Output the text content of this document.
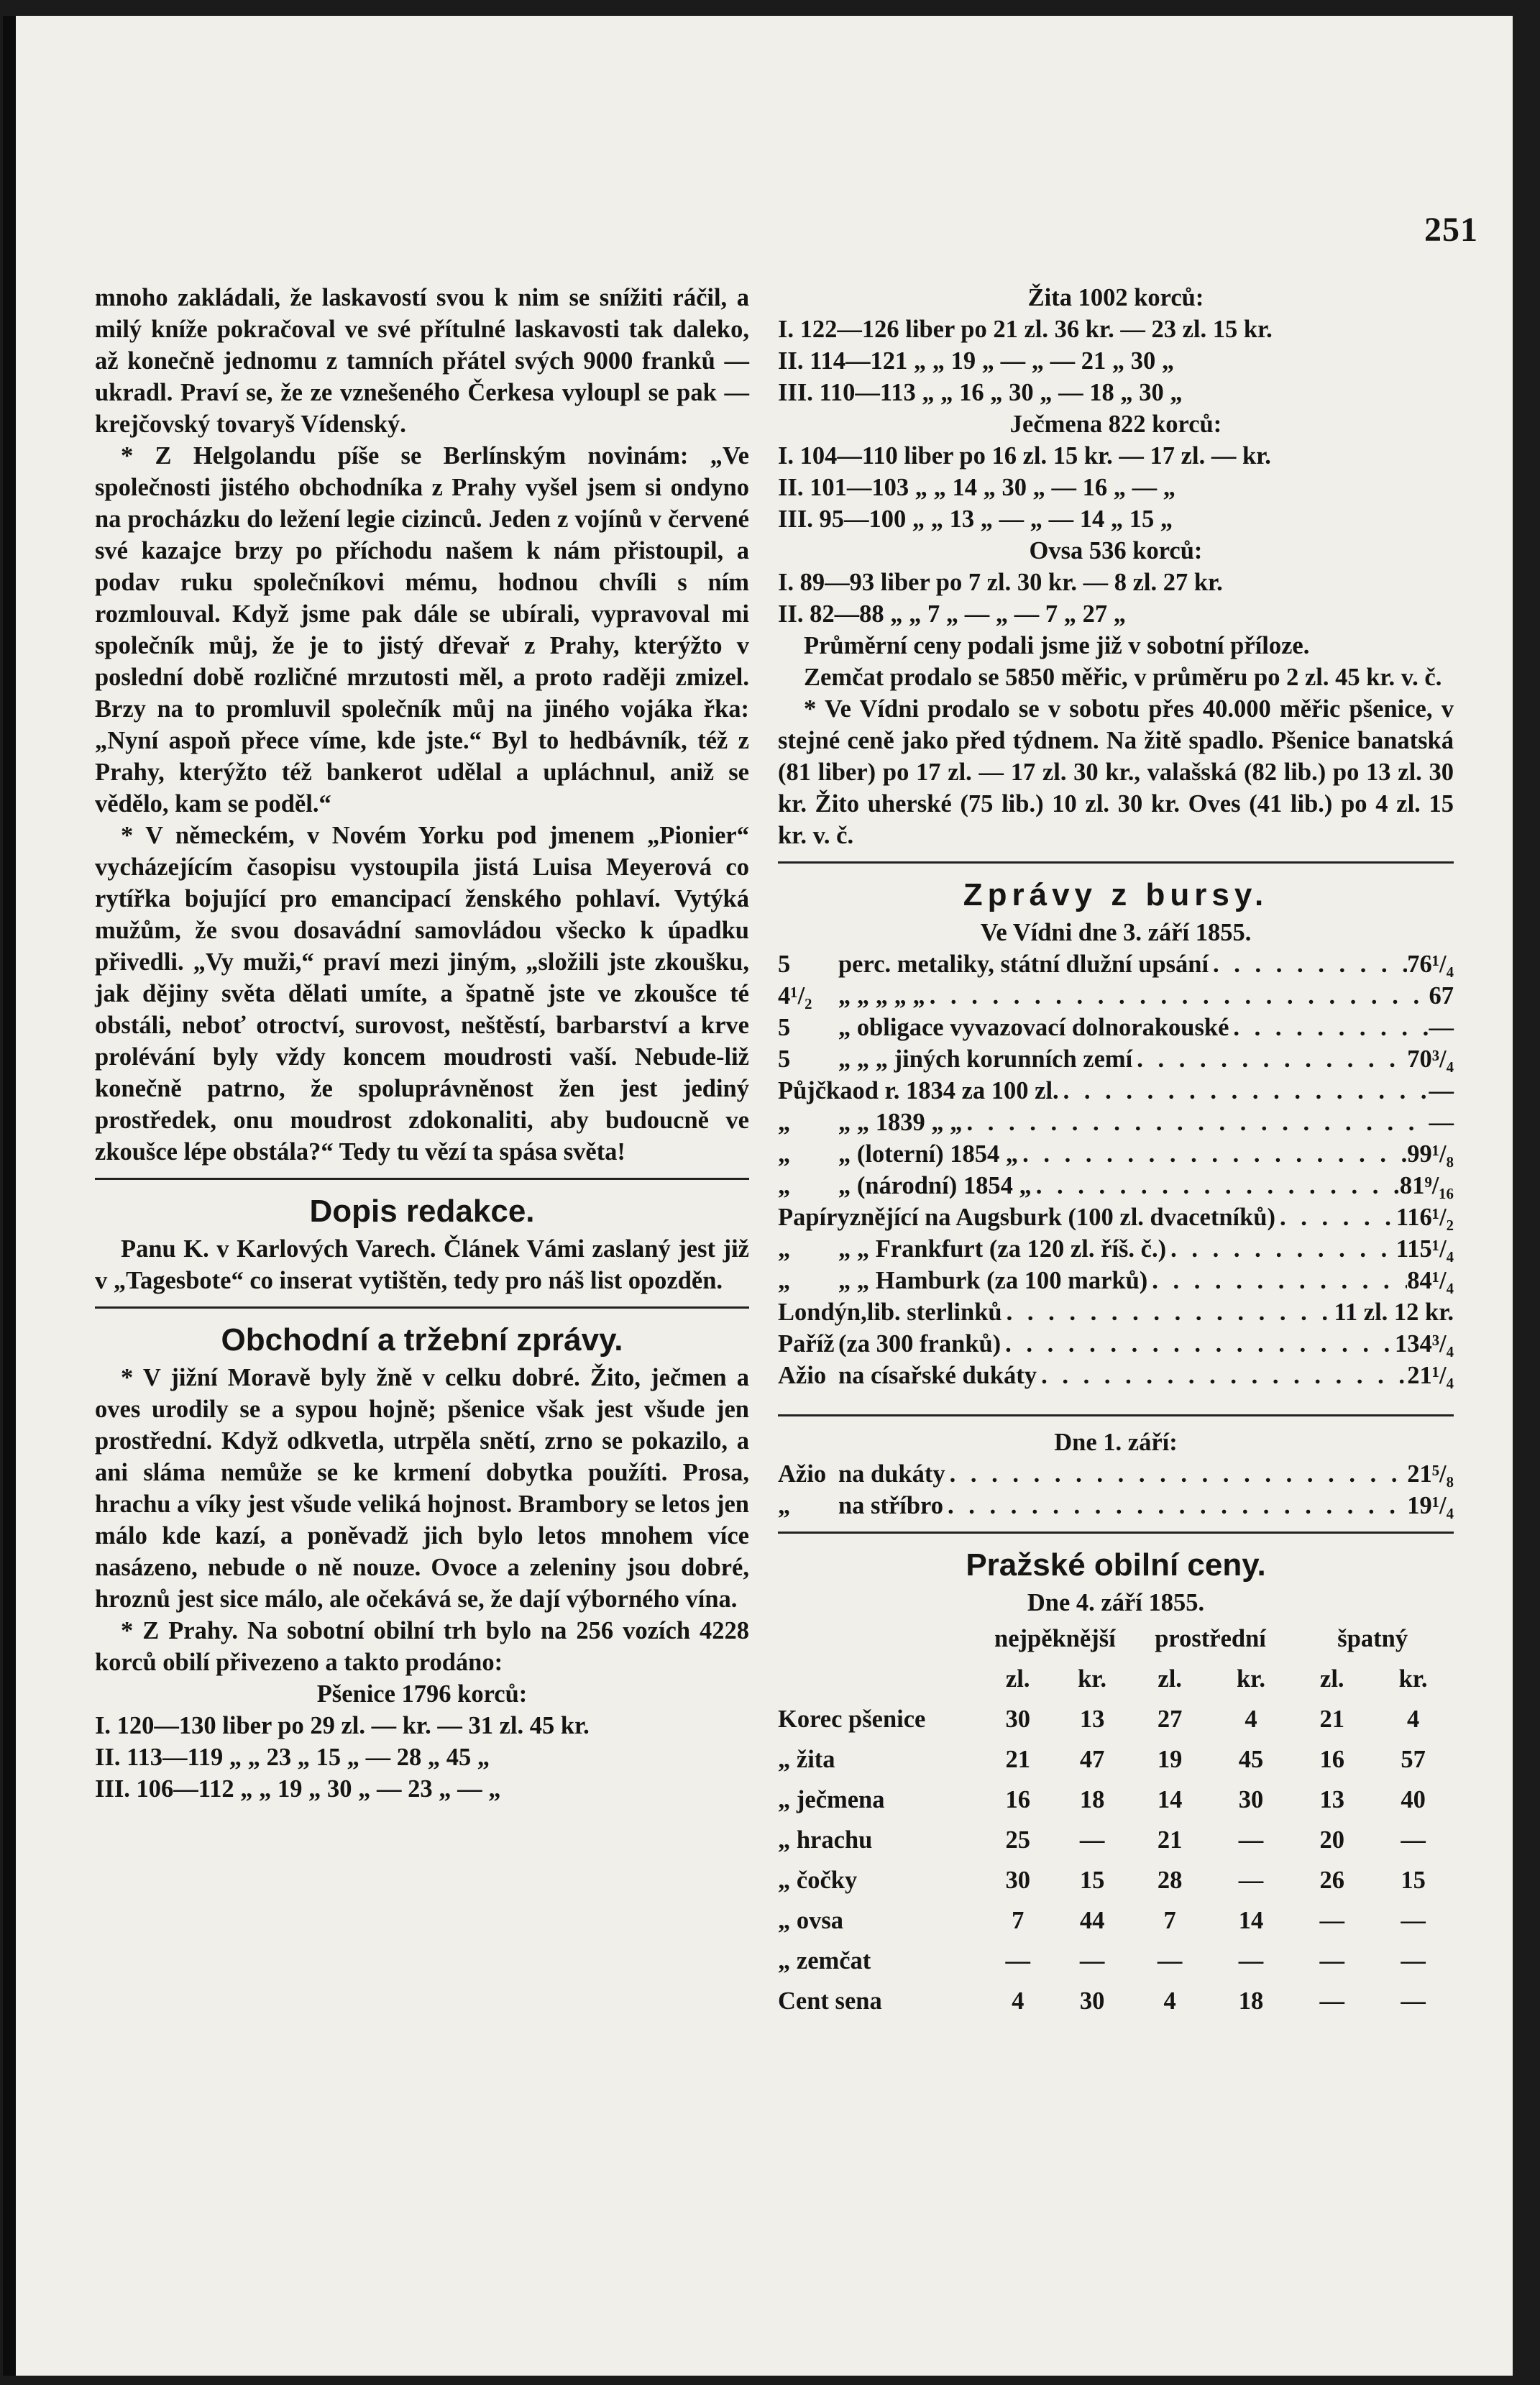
251

mnoho zakládali, že laskavostí svou k nim se snížiti ráčil, a milý kníže pokračoval ve své přítulné laskavosti tak daleko, až konečně jednomu z tamních přátel svých 9000 franků — ukradl. Praví se, že ze vznešeného Čerkesa vyloupl se pak — krejčovský tovaryš Vídenský.

* Z Helgolandu píše se Berlínským novinám: „Ve společnosti jistého obchodníka z Prahy vyšel jsem si ondyno na procházku do ležení legie cizinců. Jeden z vojínů v červené své kazajce brzy po příchodu našem k nám přistoupil, a podav ruku společníkovi mému, hodnou chvíli s ním rozmlouval. Když jsme pak dále se ubírali, vypravoval mi společník můj, že je to jistý dřevař z Prahy, kterýžto v poslední době rozličné mrzutosti měl, a proto raději zmizel. Brzy na to promluvil společník můj na jiného vojáka řka: „Nyní aspoň přece víme, kde jste.“ Byl to hedbávník, též z Prahy, kterýžto též bankerot udělal a upláchnul, aniž se vědělo, kam se poděl.“

* V německém, v Novém Yorku pod jmenem „Pionier“ vycházejícím časopisu vystoupila jistá Luisa Meyerová co rytířka bojující pro emancipací ženského pohlaví. Vytýká mužům, že svou dosavádní samovládou všecko k úpadku přivedli. „Vy muži,“ praví mezi jiným, „složili jste zkoušku, jak dějiny světa dělati umíte, a špatně jste ve zkoušce té obstáli, neboť otroctví, surovost, neštěstí, barbarství a krve prolévání byly vždy koncem moudrosti vaší. Nebude-liž konečně patrno, že spoluprávněnost žen jest jediný prostředek, onu moudrost zdokonaliti, aby budoucně ve zkoušce lépe obstála?“ Tedy tu vězí ta spása světa!

Dopis redakce.

Panu K. v Karlových Varech. Článek Vámi zaslaný jest již v „Tagesbote“ co inserat vytištěn, tedy pro náš list opozděn.

Obchodní a tržební zprávy.

* V jižní Moravě byly žně v celku dobré. Žito, ječmen a oves urodily se a sypou hojně; pšenice však jest všude jen prostřední. Když odkvetla, utrpěla snětí, zrno se pokazilo, a ani sláma nemůže se ke krmení dobytka použíti. Prosa, hrachu a víky jest všude veliká hojnost. Brambory se letos jen málo kde kazí, a poněvadž jich bylo letos mnohem více nasázeno, nebude o ně nouze. Ovoce a zeleniny jsou dobré, hroznů jest sice málo, ale očekává se, že dají výborného vína.

* Z Prahy. Na sobotní obilní trh bylo na 256 vozích 4228 korců obilí přivezeno a takto prodáno:

Pšenice 1796 korců:
I. 120—130 liber po 29 zl. — kr. — 31 zl. 45 kr.
II. 113—119 „ „ 23 „ 15 „ — 28 „ 45 „
III. 106—112 „ „ 19 „ 30 „ — 23 „ — „
Žita 1002 korců:
I. 122—126 liber po 21 zl. 36 kr. — 23 zl. 15 kr.
II. 114—121 „ „ 19 „ — „ — 21 „ 30 „
III. 110—113 „ „ 16 „ 30 „ — 18 „ 30 „
Ječmena 822 korců:
I. 104—110 liber po 16 zl. 15 kr. — 17 zl. — kr.
II. 101—103 „ „ 14 „ 30 „ — 16 „ — „
III. 95—100 „ „ 13 „ — „ — 14 „ 15 „
Ovsa 536 korců:
I. 89—93 liber po 7 zl. 30 kr. — 8 zl. 27 kr.
II. 82—88 „ „ 7 „ — „ — 7 „ 27 „

Průměrní ceny podali jsme již v sobotní příloze.

Zemčat prodalo se 5850 měřic, v průměru po 2 zl. 45 kr. v. č.

* Ve Vídni prodalo se v sobotu přes 40.000 měřic pšenice, v stejné ceně jako před týdnem. Na žitě spadlo. Pšenice banatská (81 liber) po 17 zl. — 17 zl. 30 kr., valašská (82 lib.) po 13 zl. 30 kr. Žito uherské (75 lib.) 10 zl. 30 kr. Oves (41 lib.) po 4 zl. 15 kr. v. č.

Zprávy z bursy.
Ve Vídni dne 3. září 1855.
5	perc. metaliky, státní dlužní upsání . . .	76¹/₄
4¹/₂	„ „ „ „ „ . . .	67
5	„ obligace vyvazovací dolnorakouské . . .	—
5	„ „ „ jiných korunních zemí . . .	70³/₄
Půjčka od r. 1834 za 100 zl. . . .	—
„	„ „ 1839 „ „ . . .	—
„	„ (loterní) 1854 „ . . .	99¹/₈
„	„ (národní) 1854 „ . . .	81⁹/₁₆
Papíry znějící na Augsburk (100 zl. dvacetníků) . . .	116¹/₂
„	„ „ Frankfurt (za 120 zl. říš. č.) . . .	115¹/₄
„	„ „ Hamburk (za 100 marků) . . .	84¹/₄
Londýn, lib. sterlinků . . .	11 zl. 12 kr.
Paříž (za 300 franků) . . .	134³/₄
Ažio na císařské dukáty . . .	21¹/₄
Dne 1. září:
Ažio na dukáty . . .	21⁵/₈
„	na stříbro . . .	19¹/₄
Pražské obilní ceny.
Dne 4. září 1855.
	nejpěknější		prostřední		špatný	
	zl.	kr.	zl.	kr.	zl.	kr.
Korec pšenice	30	13	27	4	21	4
„ žita	21	47	19	45	16	57
„ ječmena	16	18	14	30	13	40
„ hrachu	25	—	21	—	20	—
„ čočky	30	15	28	—	26	15
„ ovsa	7	44	7	14	—	—
„ zemčat	—	—	—	—	—	—
Cent sena	4	30	4	18	—	—
